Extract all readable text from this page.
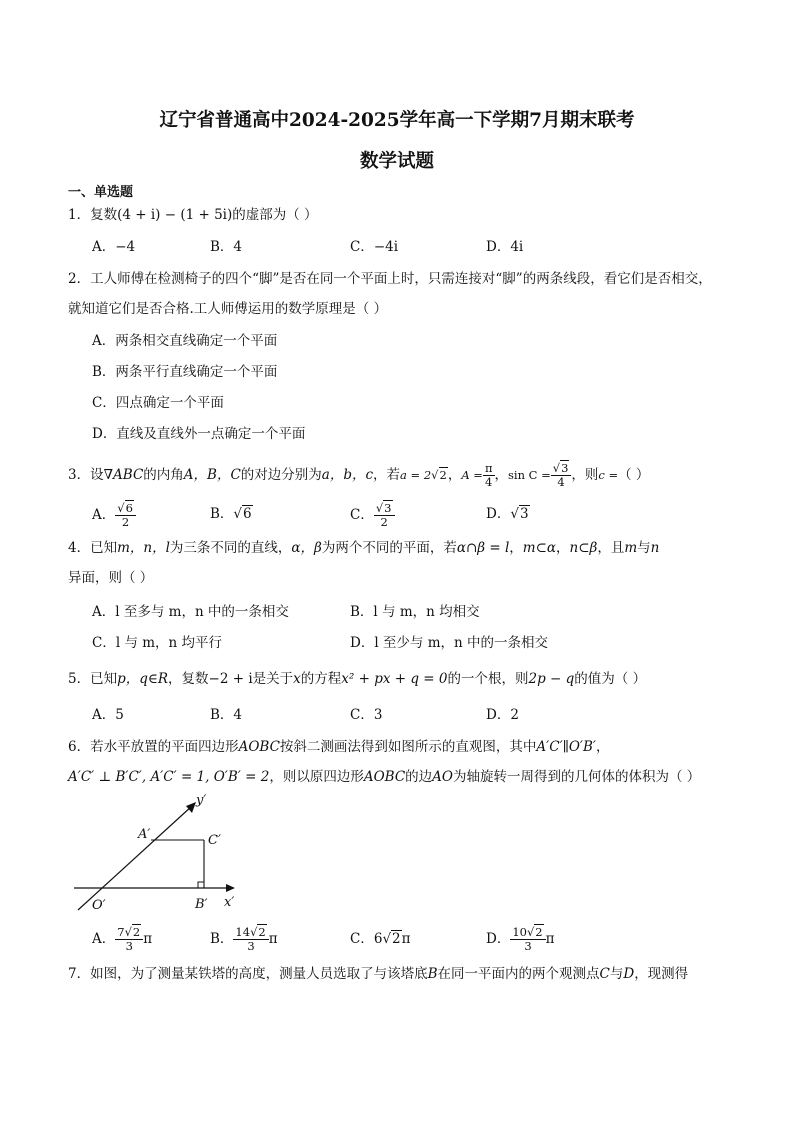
辽宁省普通高中2024-2025学年高一下学期7月期末联考
数学试题
一、单选题
1．复数(4 + i) − (1 + 5i)的虚部为（ ）
A．−4	B．4	C．−4i	D．4i
2．工人师傅在检测椅子的四个“脚”是否在同一个平面上时，只需连接对“脚”的两条线段，看它们是否相交，
就知道它们是否合格.工人师傅运用的数学原理是（ ）
A．两条相交直线确定一个平面
B．两条平行直线确定一个平面
C．四点确定一个平面
D．直线及直线外一点确定一个平面
3．设∇ABC的内角A，B，C的对边分别为a，b，c，若a = 2√2，$A = \frac{\pi}{4}$ ，$\sin C = \frac{√3}{4}$ ，则c =（ ）
A． $\frac{√6}{2}$	B．√6	C． $\frac{√3}{2}$	D．√3
4．已知m，n，l为三条不同的直线，α，β为两个不同的平面，若α∩β = l，m⊂α，n⊂β，且m与n
异面，则（ ）
A．l 至多与 m，n 中的一条相交	B．l 与 m，n 均相交
C．l 与 m，n 均平行	D．l 至少与 m，n 中的一条相交
5．已知p，q∈R，复数−2 + i是关于x的方程x² + px + q = 0的一个根，则2p − q的值为（ ）
A．5	B．4	C．3	D．2
6．若水平放置的平面四边形AOBC按斜二测画法得到如图所示的直观图，其中A′C′∥O′B′，
A′C′ ⊥ B′C′, A′C′ = 1, O′B′ = 2，则以原四边形AOBC的边AO为轴旋转一周得到的几何体的体积为（ ）
y′
x′
A′	C′
O′	B′
A． $\frac{7√2}{3}$ π	B． $\frac{14√2}{3}$ π	C．6√2π	D． $\frac{10√2}{3}$ π
7．如图，为了测量某铁塔的高度，测量人员选取了与该塔底B在同一平面内的两个观测点C与D，现测得
